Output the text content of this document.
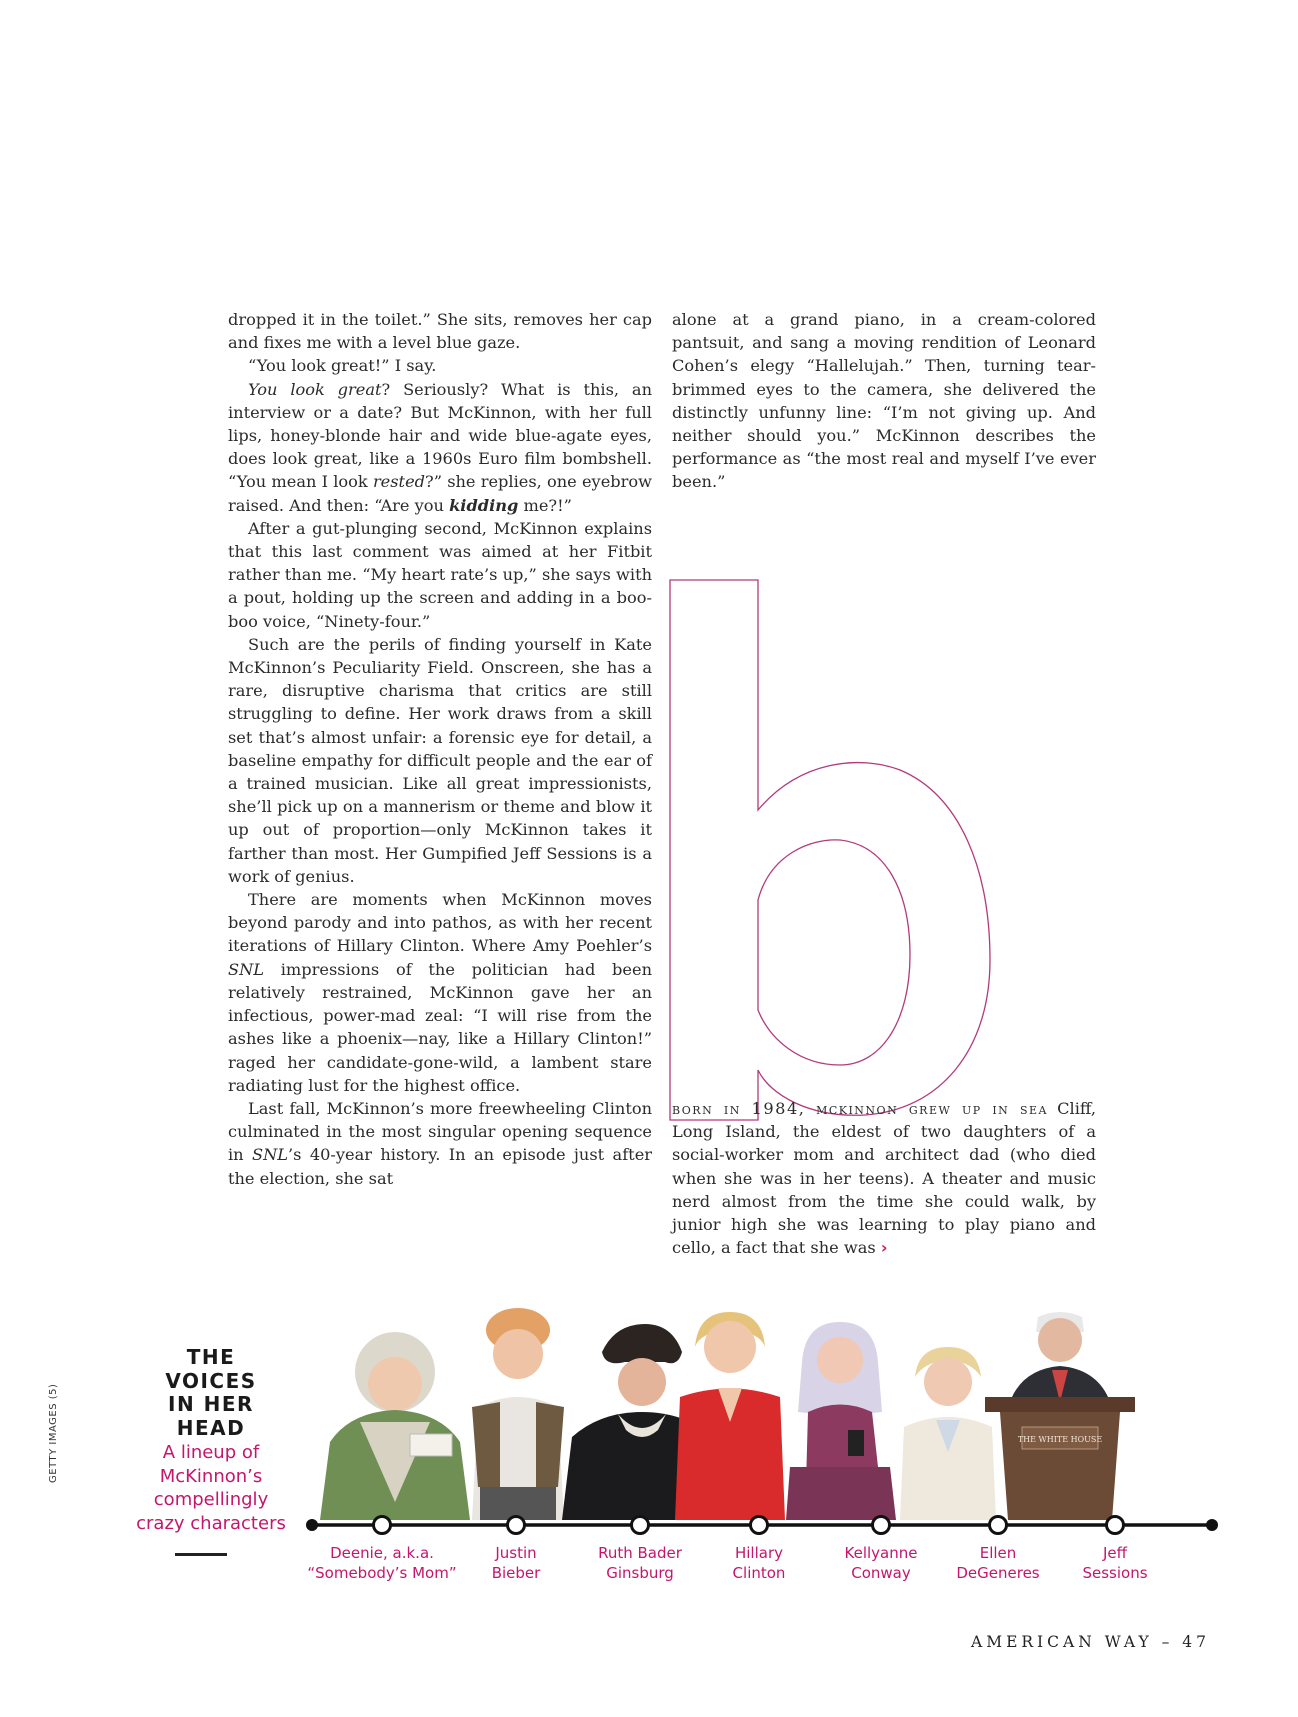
dropped it in the toilet.” She sits, removes her cap and fixes me with a level blue gaze.

“You look great!” I say.

You look great? Seriously? What is this, an interview or a date? But McKinnon, with her full lips, honey-blonde hair and wide blue-agate eyes, does look great, like a 1960s Euro film bombshell. “You mean I look rested?” she replies, one eyebrow raised. And then: “Are you kidding me?!”

After a gut-plunging second, McKinnon explains that this last comment was aimed at her Fitbit rather than me. “My heart rate’s up,” she says with a pout, holding up the screen and adding in a boo-boo voice, “Ninety-four.”

Such are the perils of finding yourself in Kate McKinnon’s Peculiarity Field. Onscreen, she has a rare, disruptive charisma that critics are still struggling to define. Her work draws from a skill set that’s almost unfair: a forensic eye for detail, a baseline empathy for difficult people and the ear of a trained musician. Like all great impressionists, she’ll pick up on a mannerism or theme and blow it up out of proportion—only McKinnon takes it farther than most. Her Gumpified Jeff Sessions is a work of genius.

There are moments when McKinnon moves beyond parody and into pathos, as with her recent iterations of Hillary Clinton. Where Amy Poehler’s SNL impressions of the politician had been relatively restrained, McKinnon gave her an infectious, power-mad zeal: “I will rise from the ashes like a phoenix—nay, like a Hillary Clinton!” raged her candidate-gone-wild, a lambent stare radiating lust for the highest office.

Last fall, McKinnon’s more freewheeling Clinton culminated in the most singular opening sequence in SNL’s 40-year history. In an episode just after the election, she sat

alone at a grand piano, in a cream-colored pantsuit, and sang a moving rendition of Leonard Cohen’s elegy “Hallelujah.” Then, turning tear-brimmed eyes to the camera, she delivered the distinctly unfunny line: “I’m not giving up. And neither should you.” McKinnon describes the performance as “the most real and myself I’ve ever been.”

born in 1984, mckinnon grew up in sea Cliff, Long Island, the eldest of two daughters of a social-worker mom and architect dad (who died when she was in her teens). A theater and music nerd almost from the time she could walk, by junior high she was learning to play piano and cello, a fact that she was ›

GETTY IMAGES (5)
THE
VOICES
IN HER
HEAD
A lineup of
McKinnon’s
compellingly
crazy characters
THE WHITE HOUSE
Deenie, a.k.a.
“Somebody’s Mom”
Justin
Bieber
Ruth Bader
Ginsburg
Hillary
Clinton
Kellyanne
Conway
Ellen
DeGeneres
Jeff
Sessions
AMERICAN WAY – 47
